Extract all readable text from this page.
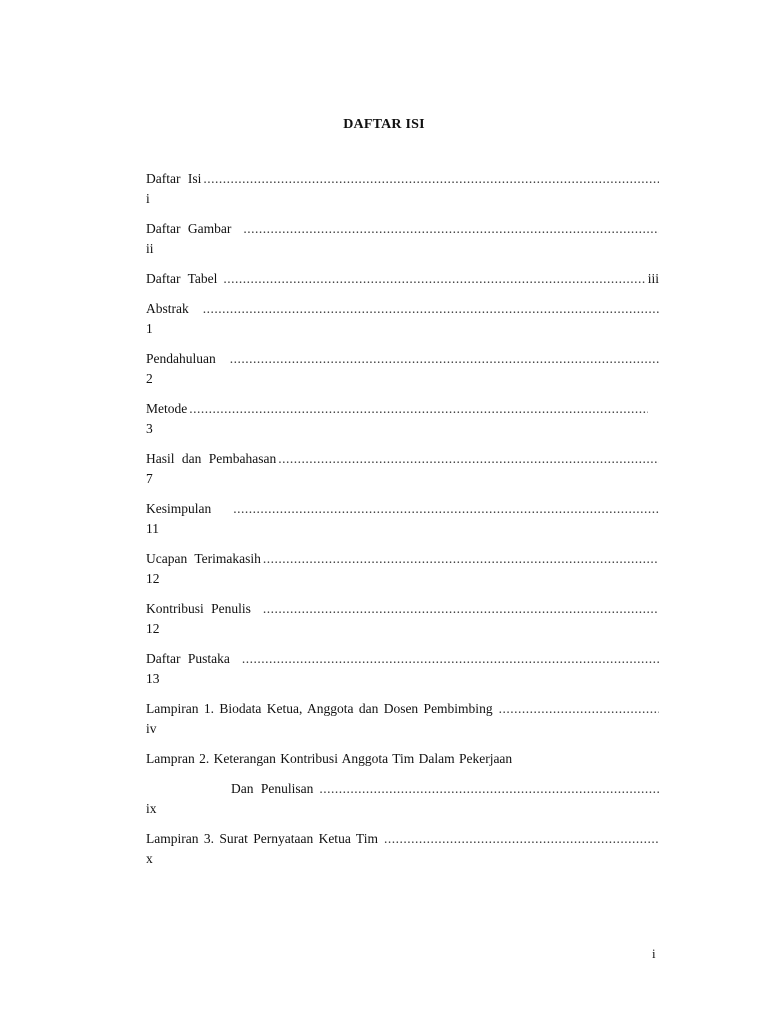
DAFTAR ISI
Daftar Isi
.....
i
Daftar Gambar
.....
ii
Daftar Tabel
.....	iii
Abstrak
.....
1
Pendahuluan
.....
2
Metode
.....
3
Hasil dan Pembahasan
.....
7
Kesimpulan
.....
11
Ucapan Terimakasih
.....
12
Kontribusi Penulis
.....
12
Daftar Pustaka
.....
13
Lampiran 1. Biodata Ketua, Anggota dan Dosen Pembimbing
.....
iv
Lampran 2. Keterangan Kontribusi Anggota Tim Dalam Pekerjaan
Dan Penulisan
.....
ix
Lampiran 3. Surat Pernyataan Ketua Tim
.....
x
i
